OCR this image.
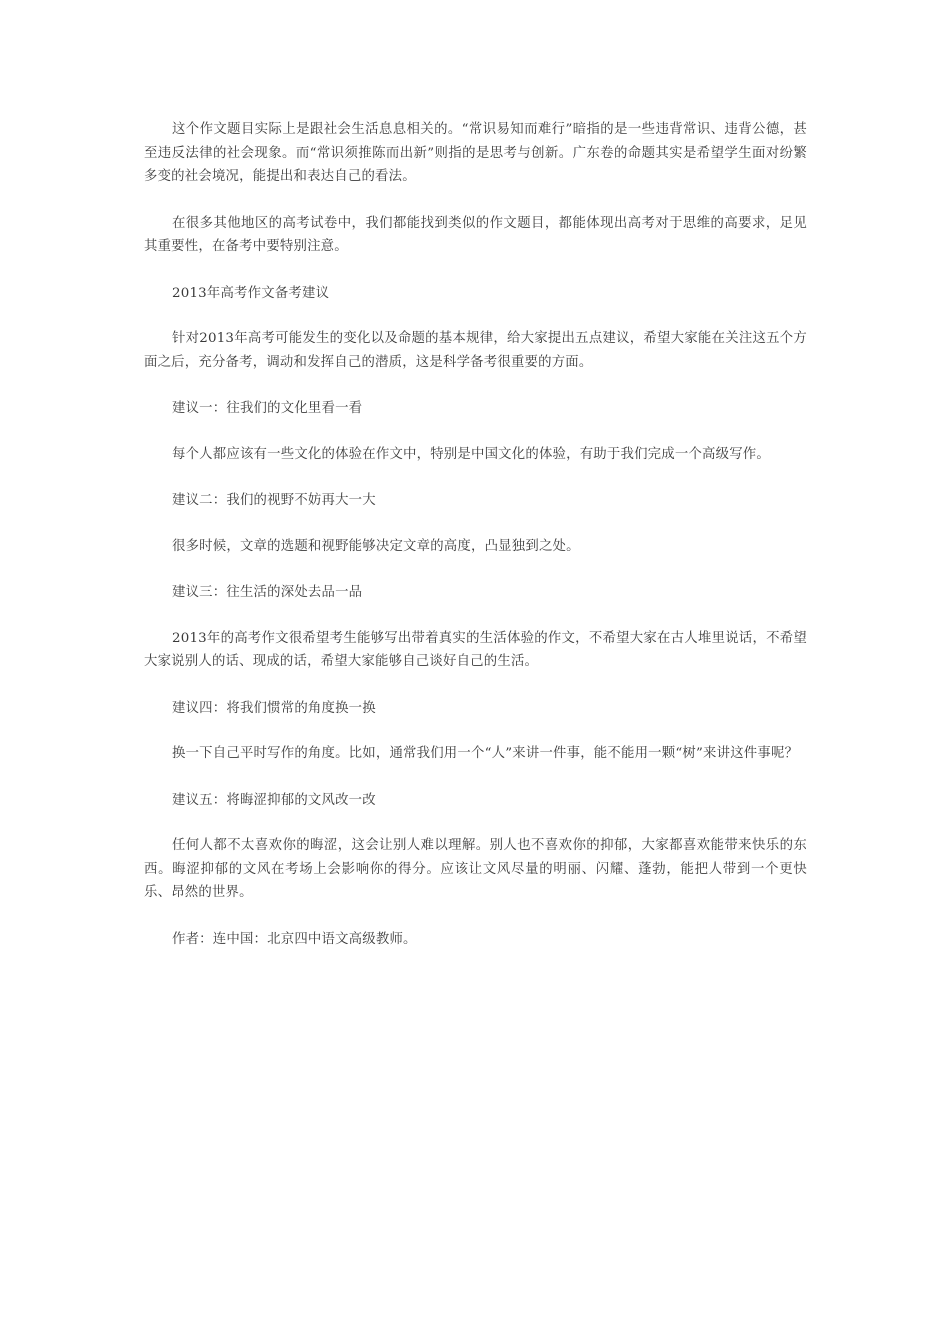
这个作文题目实际上是跟社会生活息息相关的。“常识易知而难行”暗指的是一些违背常识、违背公德，甚至违反法律的社会现象。而“常识须推陈而出新”则指的是思考与创新。广东卷的命题其实是希望学生面对纷繁多变的社会境况，能提出和表达自己的看法。

在很多其他地区的高考试卷中，我们都能找到类似的作文题目，都能体现出高考对于思维的高要求，足见其重要性，在备考中要特别注意。

2013年高考作文备考建议

针对2013年高考可能发生的变化以及命题的基本规律，给大家提出五点建议，希望大家能在关注这五个方面之后，充分备考，调动和发挥自己的潜质，这是科学备考很重要的方面。

建议一：往我们的文化里看一看

每个人都应该有一些文化的体验在作文中，特别是中国文化的体验，有助于我们完成一个高级写作。

建议二：我们的视野不妨再大一大

很多时候，文章的选题和视野能够决定文章的高度，凸显独到之处。

建议三：往生活的深处去品一品

2013年的高考作文很希望考生能够写出带着真实的生活体验的作文，不希望大家在古人堆里说话，不希望大家说别人的话、现成的话，希望大家能够自己谈好自己的生活。

建议四：将我们惯常的角度换一换

换一下自己平时写作的角度。比如，通常我们用一个“人”来讲一件事，能不能用一颗“树”来讲这件事呢？

建议五：将晦涩抑郁的文风改一改

任何人都不太喜欢你的晦涩，这会让别人难以理解。别人也不喜欢你的抑郁，大家都喜欢能带来快乐的东西。晦涩抑郁的文风在考场上会影响你的得分。应该让文风尽量的明丽、闪耀、蓬勃，能把人带到一个更快乐、昂然的世界。

作者：连中国：北京四中语文高级教师。
